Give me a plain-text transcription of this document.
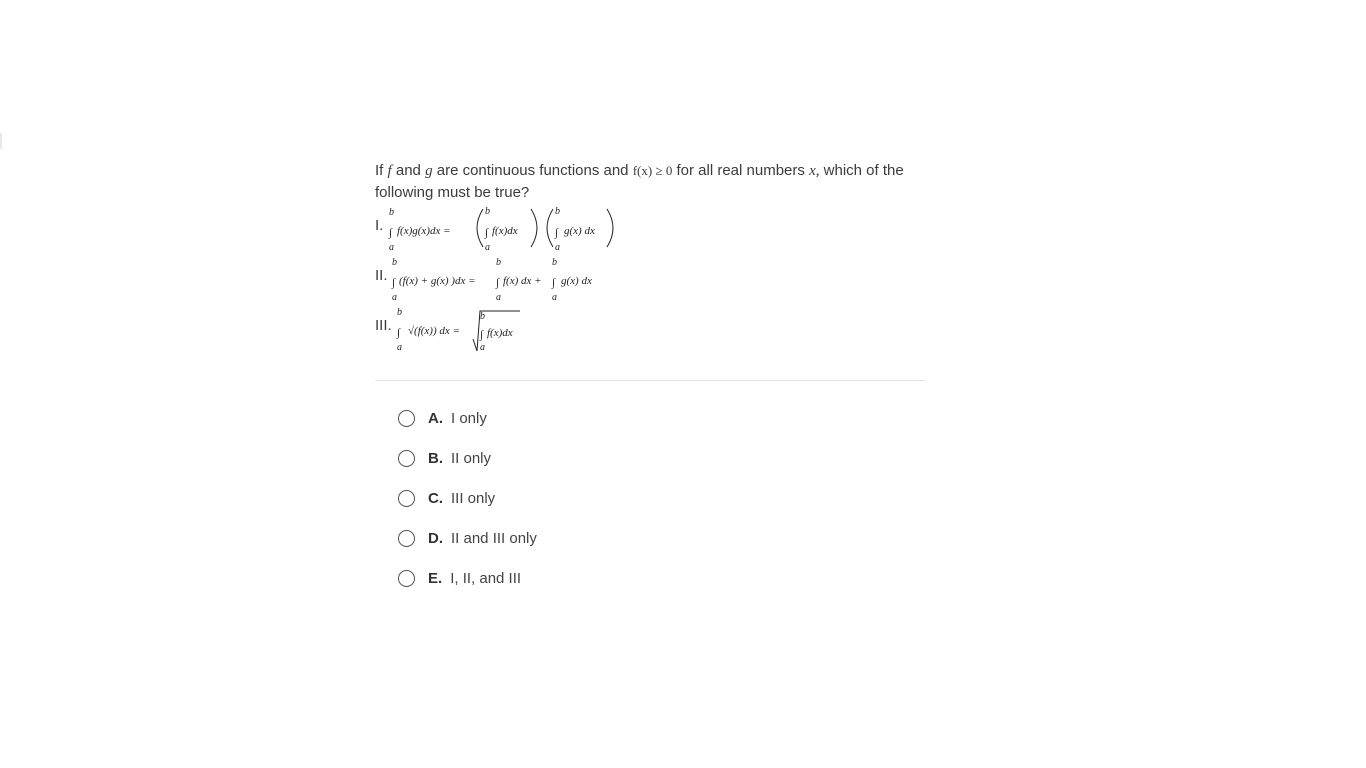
If f and g are continuous functions and f(x) ≥ 0 for all real numbers x, which of the following must be true?
I.
b
∫
a
f(x)g(x)dx =
b
∫
a
f(x)dx
b
∫
a
g(x) dx
II.
b
∫
a
(f(x) + g(x) )dx =
b
∫
a
f(x) dx +
b
∫
a
g(x) dx
III.
b
∫
a
√(f(x)) dx =
b
∫
a
f(x)dx
A. I only
B. II only
C. III only
D. II and III only
E. I, II, and III
